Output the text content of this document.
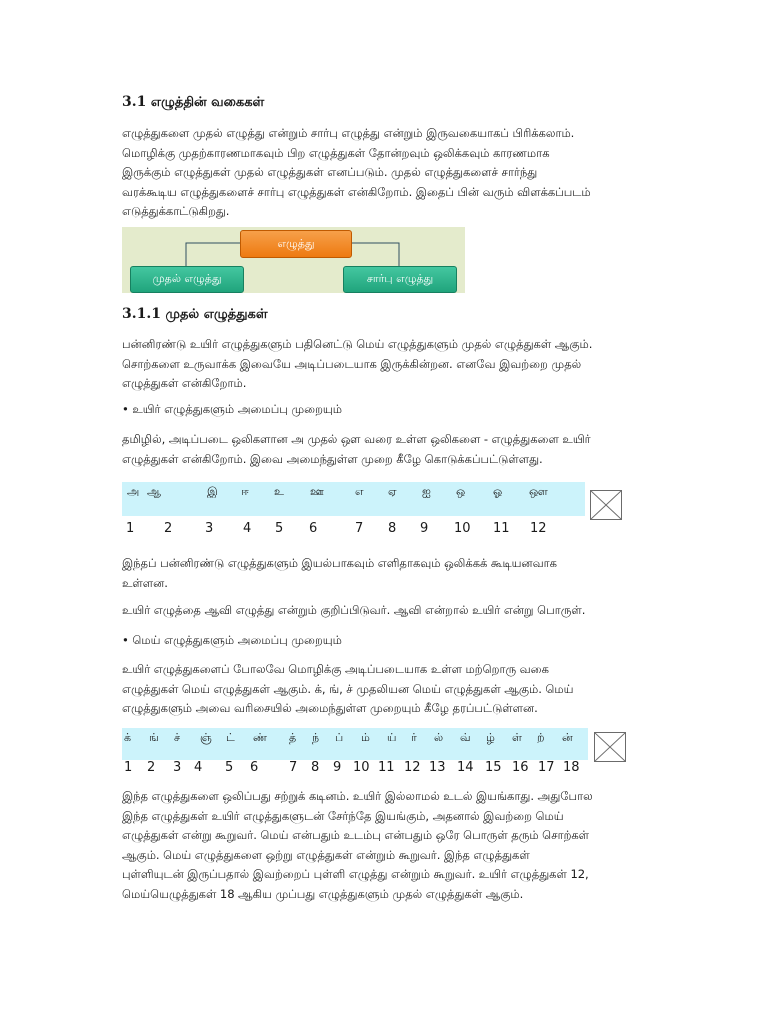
3.1 எழுத்தின் வகைகள்

எழுத்துகளை முதல் எழுத்து என்றும் சார்பு எழுத்து என்றும் இருவகையாகப் பிரிக்கலாம்.

மொழிக்கு முதற்காரணமாகவும் பிற எழுத்துகள் தோன்றவும் ஒலிக்கவும் காரணமாக

இருக்கும் எழுத்துகள் முதல் எழுத்துகள் எனப்படும். முதல் எழுத்துகளைச் சார்ந்து

வரக்கூடிய எழுத்துகளைச் சார்பு எழுத்துகள் என்கிறோம். இதைப் பின் வரும் விளக்கப்படம்

எடுத்துக்காட்டுகிறது.

எழுத்து
முதல் எழுத்து	சார்பு எழுத்து
3.1.1 முதல் எழுத்துகள்

பன்னிரண்டு உயிர் எழுத்துகளும் பதினெட்டு மெய் எழுத்துகளும் முதல் எழுத்துகள் ஆகும்.

சொற்களை உருவாக்க இவையே அடிப்படையாக இருக்கின்றன. எனவே இவற்றை முதல்

எழுத்துகள் என்கிறோம்.

• உயிர் எழுத்துகளும் அமைப்பு முறையும்

தமிழில், அடிப்படை ஒலிகளான அ முதல் ஔ வரை உள்ள ஒலிகளை - எழுத்துகளை உயிர்

எழுத்துகள் என்கிறோம். இவை அமைந்துள்ள முறை கீழே கொடுக்கப்பட்டுள்ளது.

அ ஆ	இ ஈ உ ஊ	எ ஏ ஐ ஒ	ஓ ஔ
1 2	3 4 5 6	7 8 9 10 11 12

இந்தப் பன்னிரண்டு எழுத்துகளும் இயல்பாகவும் எளிதாகவும் ஒலிக்கக் கூடியனவாக

உள்ளன.

உயிர் எழுத்தை ஆவி எழுத்து என்றும் குறிப்பிடுவர். ஆவி என்றால் உயிர் என்று பொருள்.

• மெய் எழுத்துகளும் அமைப்பு முறையும்

உயிர் எழுத்துகளைப் போலவே மொழிக்கு அடிப்படையாக உள்ள மற்றொரு வகை

எழுத்துகள் மெய் எழுத்துகள் ஆகும். க், ங், ச் முதலியன மெய் எழுத்துகள் ஆகும். மெய்

எழுத்துகளும் அவை வரிசையில் அமைந்துள்ள முறையும் கீழே தரப்பட்டுள்ளன.

க் ங் ச் ஞ் ட் ண் த் ந் ப் ம் ய் ர் ல் வ் ழ் ள் ற் ன்
1 2 3 4 5 6 7 8 9 10 11 12 13 14 15 16 17 18

இந்த எழுத்துகளை ஒலிப்பது சற்றுக் கடினம். உயிர் இல்லாமல் உடல் இயங்காது. அதுபோல

இந்த எழுத்துகள் உயிர் எழுத்துகளுடன் சேர்ந்தே இயங்கும், அதனால் இவற்றை மெய்

எழுத்துகள் என்று கூறுவர். மெய் என்பதும் உடம்பு என்பதும் ஒரே பொருள் தரும் சொற்கள்

ஆகும். மெய் எழுத்துகளை ஒற்று எழுத்துகள் என்றும் கூறுவர். இந்த எழுத்துகள்

புள்ளியுடன் இருப்பதால் இவற்றைப் புள்ளி எழுத்து என்றும் கூறுவர். உயிர் எழுத்துகள் 12,

மெய்யெழுத்துகள் 18 ஆகிய முப்பது எழுத்துகளும் முதல் எழுத்துகள் ஆகும்.
